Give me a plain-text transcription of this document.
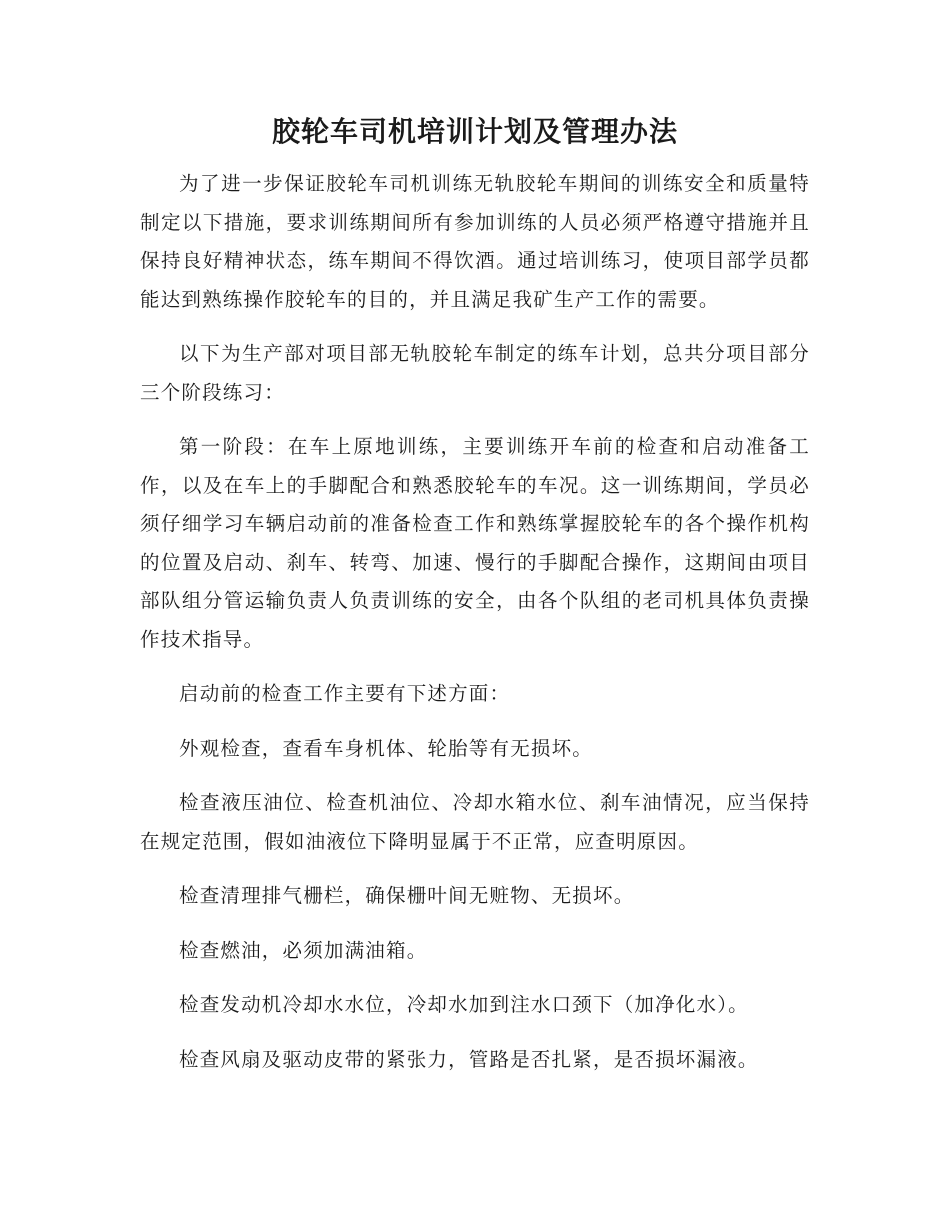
胶轮车司机培训计划及管理办法

为了进一步保证胶轮车司机训练无轨胶轮车期间的训练安全和质量特制定以下措施，要求训练期间所有参加训练的人员必须严格遵守措施并且保持良好精神状态，练车期间不得饮酒。通过培训练习，使项目部学员都能达到熟练操作胶轮车的目的，并且满足我矿生产工作的需要。

以下为生产部对项目部无轨胶轮车制定的练车计划，总共分项目部分三个阶段练习：

第一阶段：在车上原地训练，主要训练开车前的检查和启动准备工作，以及在车上的手脚配合和熟悉胶轮车的车况。这一训练期间，学员必须仔细学习车辆启动前的准备检查工作和熟练掌握胶轮车的各个操作机构的位置及启动、刹车、转弯、加速、慢行的手脚配合操作，这期间由项目部队组分管运输负责人负责训练的安全，由各个队组的老司机具体负责操作技术指导。

启动前的检查工作主要有下述方面：

外观检查，查看车身机体、轮胎等有无损坏。

检查液压油位、检查机油位、冷却水箱水位、刹车油情况，应当保持在规定范围，假如油液位下降明显属于不正常，应查明原因。

检查清理排气栅栏，确保栅叶间无赃物、无损坏。

检查燃油，必须加满油箱。

检查发动机冷却水水位，冷却水加到注水口颈下（加净化水）。

检查风扇及驱动皮带的紧张力，管路是否扎紧，是否损坏漏液。
